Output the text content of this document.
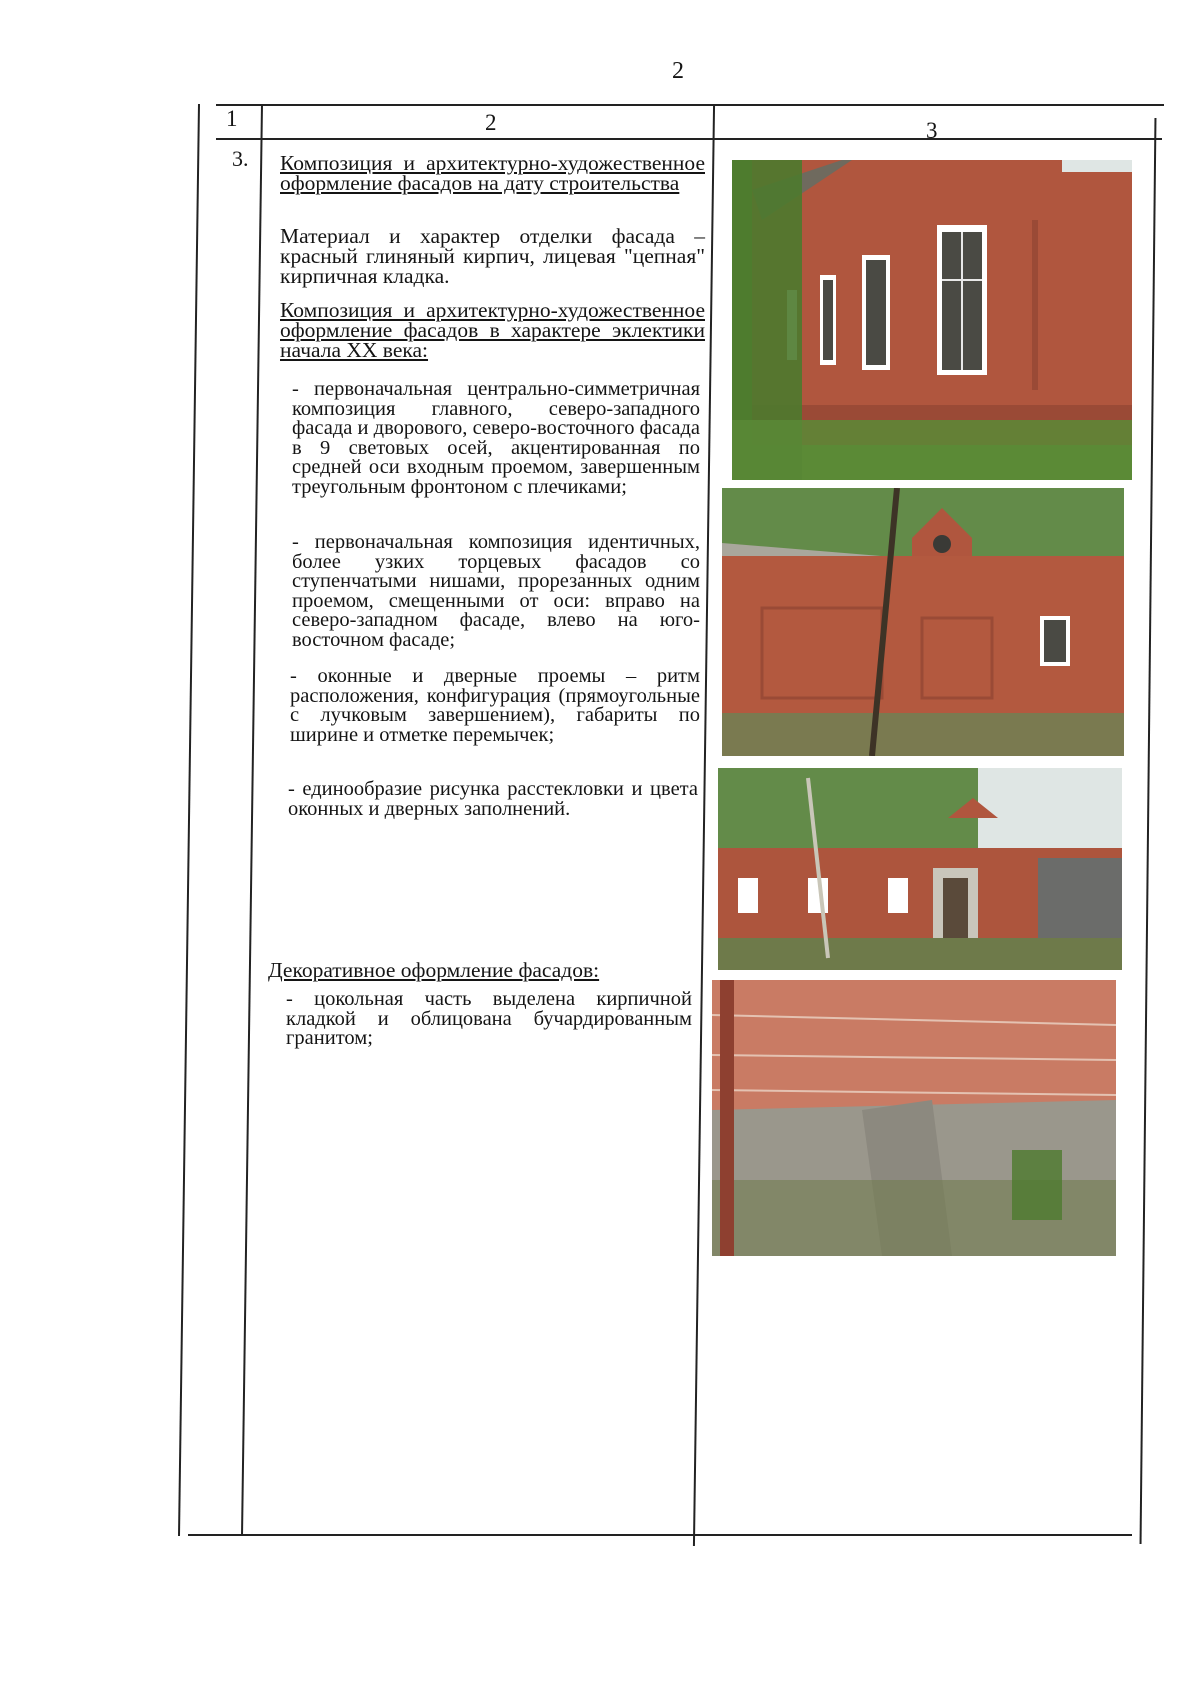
2
1	2	3
3. Композиция и архитектурно-художественное оформление фасадов на дату строительства
Материал и характер отделки фасада – красный глиняный кирпич, лицевая "цепная" кирпичная кладка.
Композиция и архитектурно-художественное оформление фасадов в характере эклектики начала XX века:
- первоначальная центрально-симметричная композиция главного, северо-западного фасада и дворового, северо-восточного фасада в 9 световых осей, акцентированная по средней оси входным проемом, завершенным треугольным фронтоном с плечиками;
- первоначальная композиция идентичных, более узких торцевых фасадов со ступенчатыми нишами, прорезанных одним проемом, смещенными от оси: вправо на северо-западном фасаде, влево на юго-восточном фасаде;
- оконные и дверные проемы – ритм расположения, конфигурация (прямоугольные с лучковым завершением), габариты по ширине и отметке перемычек;
- единообразие рисунка расстекловки и цвета оконных и дверных заполнений.
Декоративное оформление фасадов:
- цокольная часть выделена кирпичной кладкой и облицована бучардированным гранитом;
